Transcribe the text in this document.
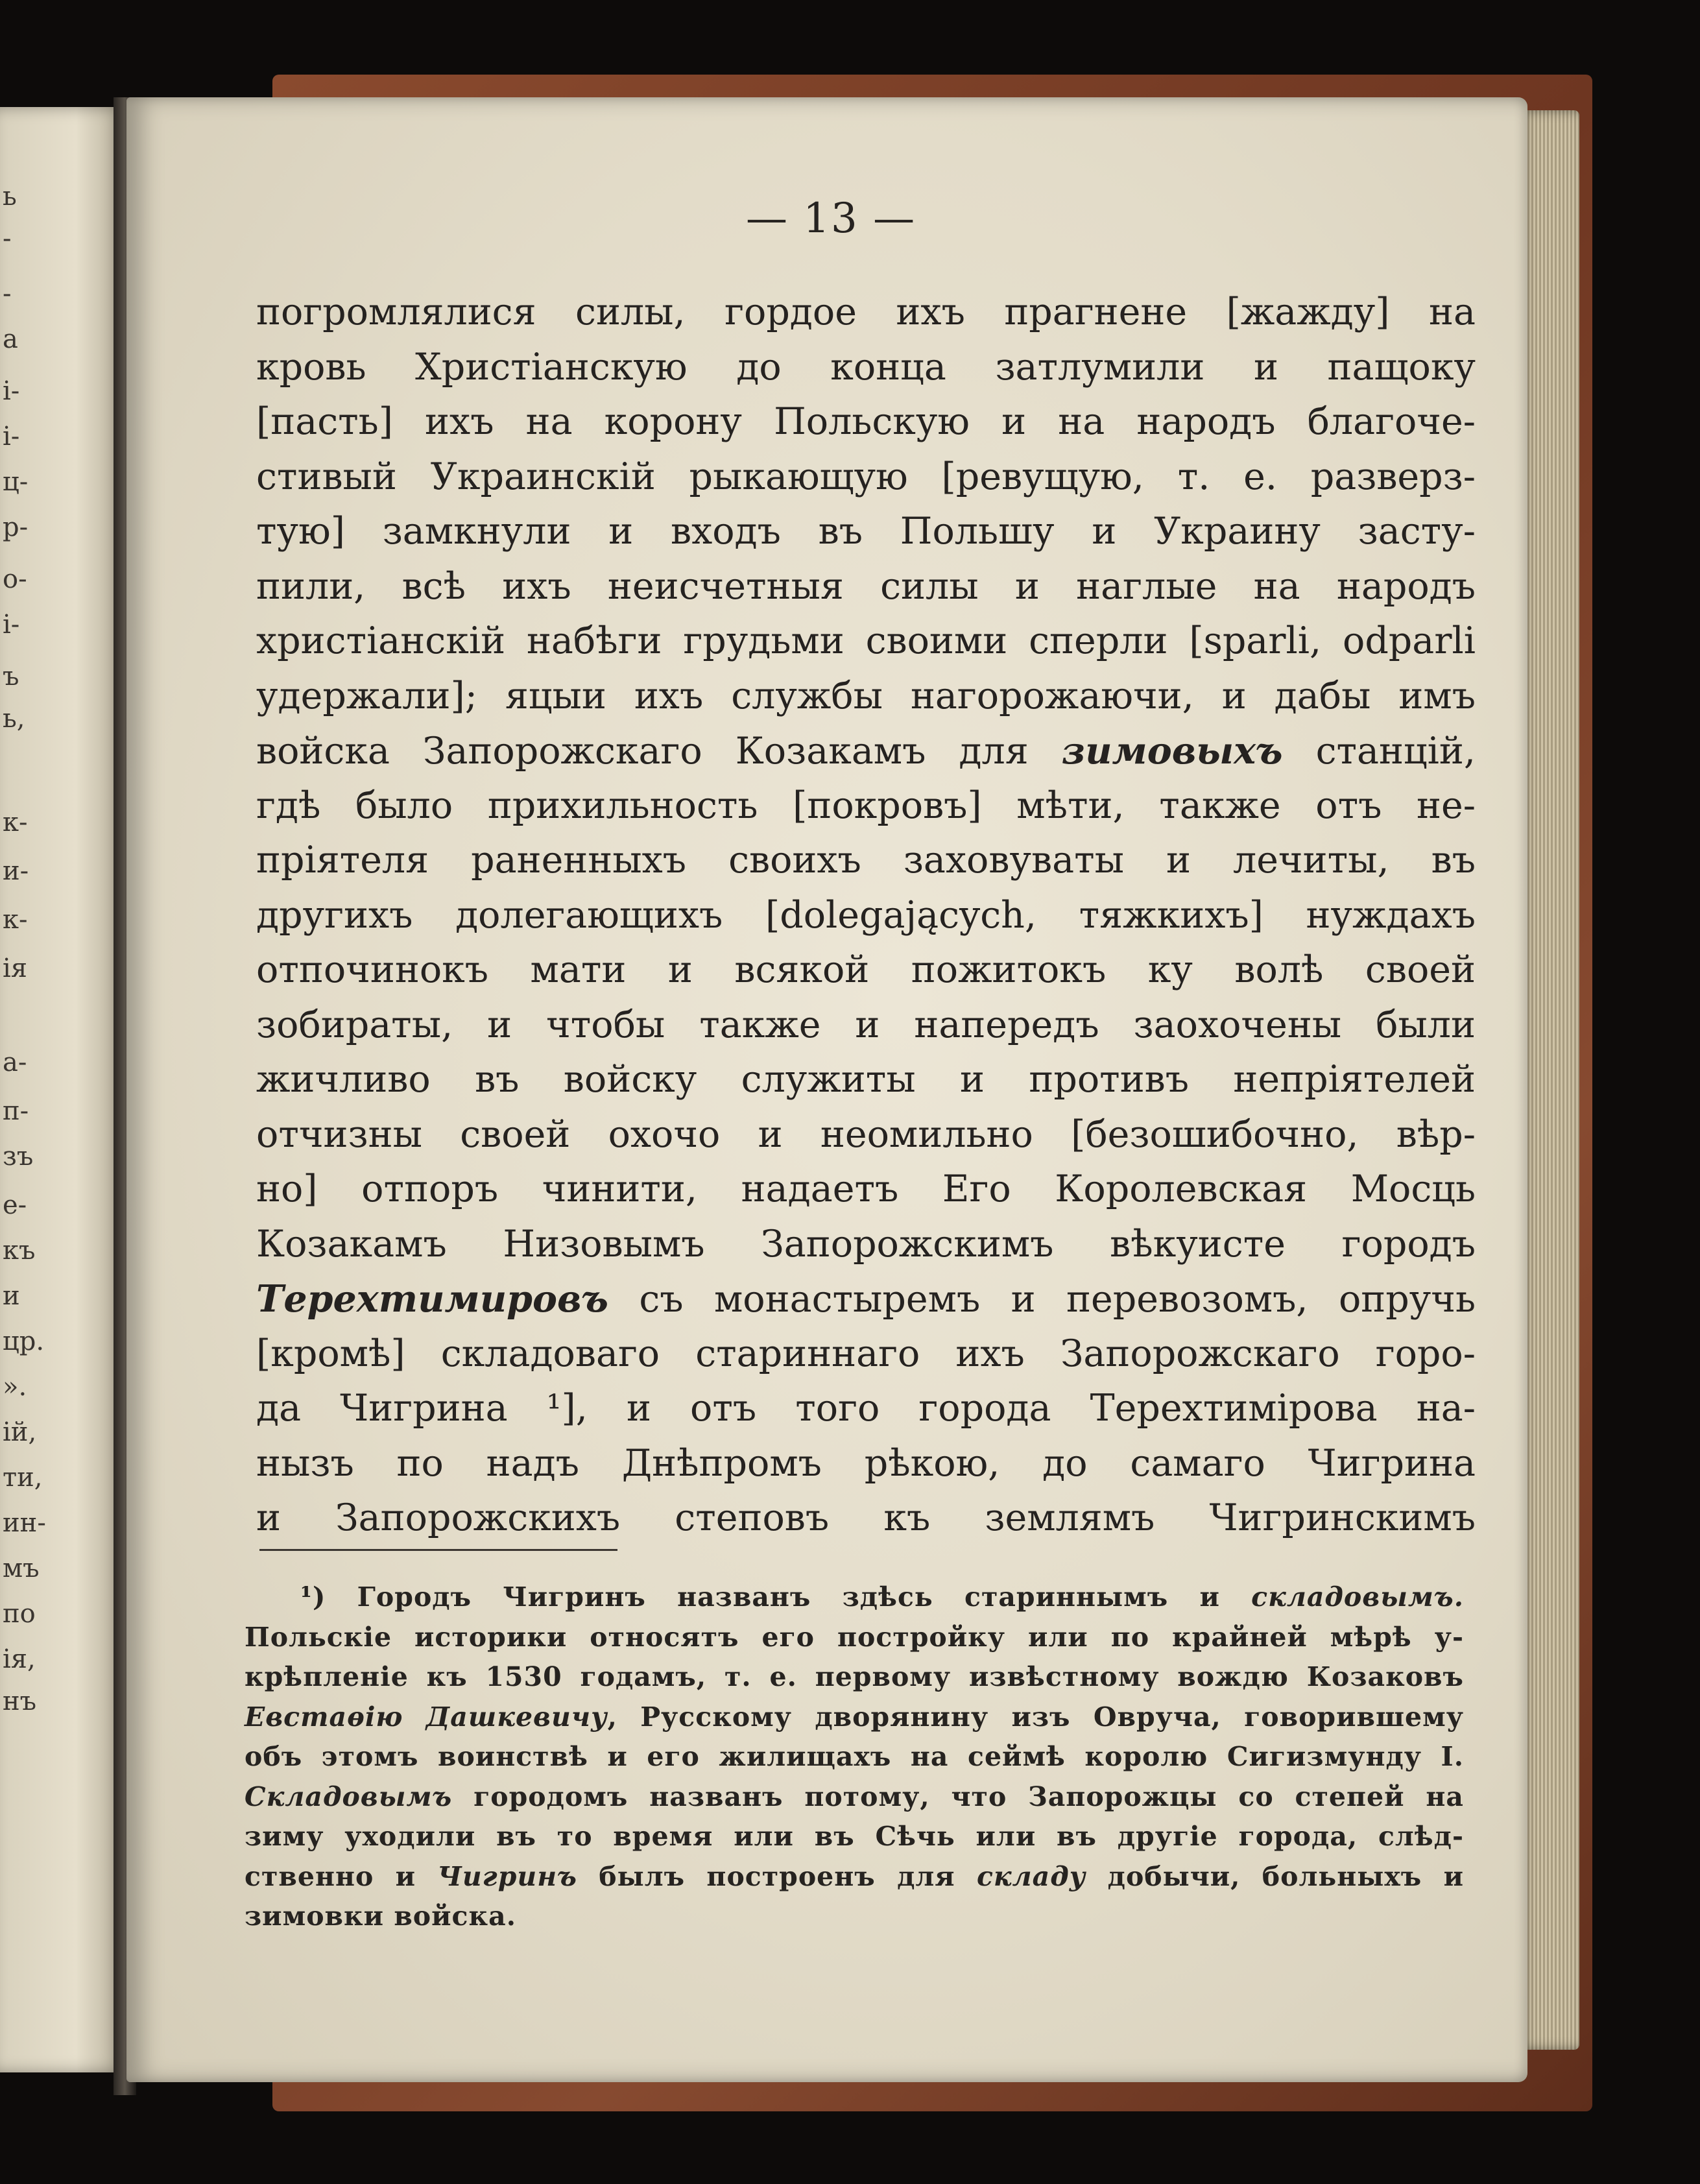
ь
-
-
а
і-
і-
ц-
р-
о-
і-
ъ
ь,
к-
и-
к-
ія
а-
п-
зъ
е-
къ
и
цр.
».
ій,
ти,
ин-
мъ
по
ія,
нъ
— 13 —
погромлялися силы, гордое ихъ прагнене [жажду] на
кровь Христіанскую до конца затлумили и пащоку
[пасть] ихъ на корону Польскую и на народъ благоче-
стивый Украинскій рыкающую [ревущую, т. е. разверз-
тую] замкнули и входъ въ Польшу и Украину засту-
пили, всѣ ихъ неисчетныя силы и наглые на народъ
христіанскій набѣги грудьми своими сперли [sparli, odparli
удержали]; яцыи ихъ службы нагорожаючи, и дабы имъ
войска Запорожскаго Козакамъ для зимовыхъ станцій,
гдѣ было прихильность [покровъ] мѣти, также отъ не-
пріятеля раненныхъ своихъ заховуваты и лечиты, въ
другихъ долегающихъ [dolegających, тяжкихъ] нуждахъ
отпочинокъ мати и всякой пожитокъ ку волѣ своей
зобираты, и чтобы также и напередъ заохочены были
жичливо въ войску служиты и противъ непріятелей
отчизны своей охочо и неомильно [безошибочно, вѣр-
но] отпоръ чинити, надаетъ Его Королевская Мосць
Козакамъ Низовымъ Запорожскимъ вѣкуисте городъ
Терехтимировъ съ монастыремъ и перевозомъ, опручь
[кромѣ] складоваго стариннаго ихъ Запорожскаго горо-
да Чигрина ¹], и отъ того города Терехтимірова на-
нызъ по надъ Днѣпромъ рѣкою, до самаго Чигрина
и Запорожскихъ степовъ къ землямъ Чигринскимъ
¹) Городъ Чигринъ названъ здѣсь стариннымъ и складовымъ.
Польскіе историки относятъ его постройку или по крайней мѣрѣ у-
крѣпленіе къ 1530 годамъ, т. е. первому извѣстному вождю Козаковъ
Евстаѳію Дашкевичу, Русскому дворянину изъ Овруча, говорившему
объ этомъ воинствѣ и его жилищахъ на сеймѣ королю Сигизмунду I.
Складовымъ городомъ названъ потому, что Запорожцы со степей на
зиму уходили въ то время или въ Сѣчь или въ другіе города, слѣд-
ственно и Чигринъ былъ построенъ для складу добычи, больныхъ и
зимовки войска.
